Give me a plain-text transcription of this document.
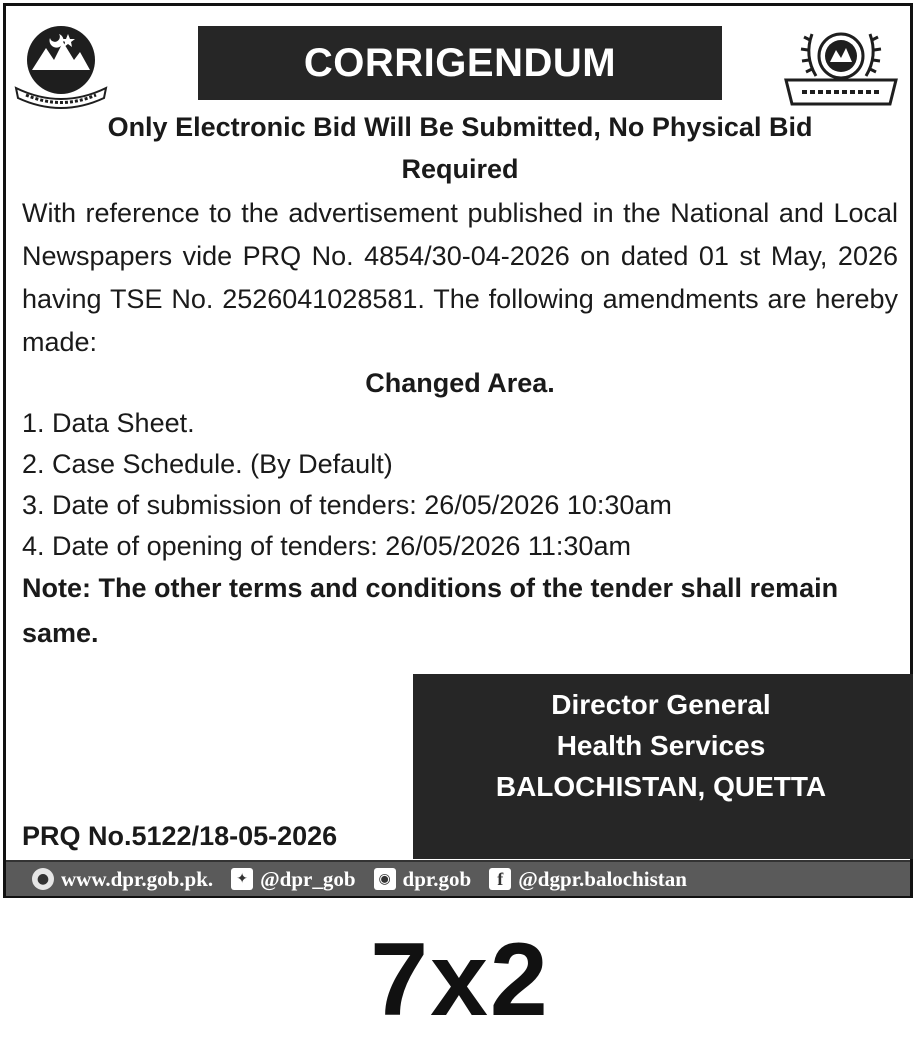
CORRIGENDUM
Only Electronic Bid Will Be Submitted, No Physical Bid
Required
With reference to the advertisement published in the National and Local Newspapers vide PRQ No. 4854/30-04-2026 on dated 01 st May, 2026 having TSE No. 2526041028581. The following amendments are hereby made:
Changed Area.
1. Data Sheet.
2. Case Schedule. (By Default)
3. Date of submission of tenders: 26/05/2026 10:30am
4. Date of opening of tenders: 26/05/2026 11:30am
Note: The other terms and conditions of the tender shall remain same.
Director General
Health Services
BALOCHISTAN, QUETTA
PRQ No.5122/18-05-2026
● www.dpr.gob.pk.	✦ @dpr_gob	◉ dpr.gob	f @dgpr.balochistan
7x2
